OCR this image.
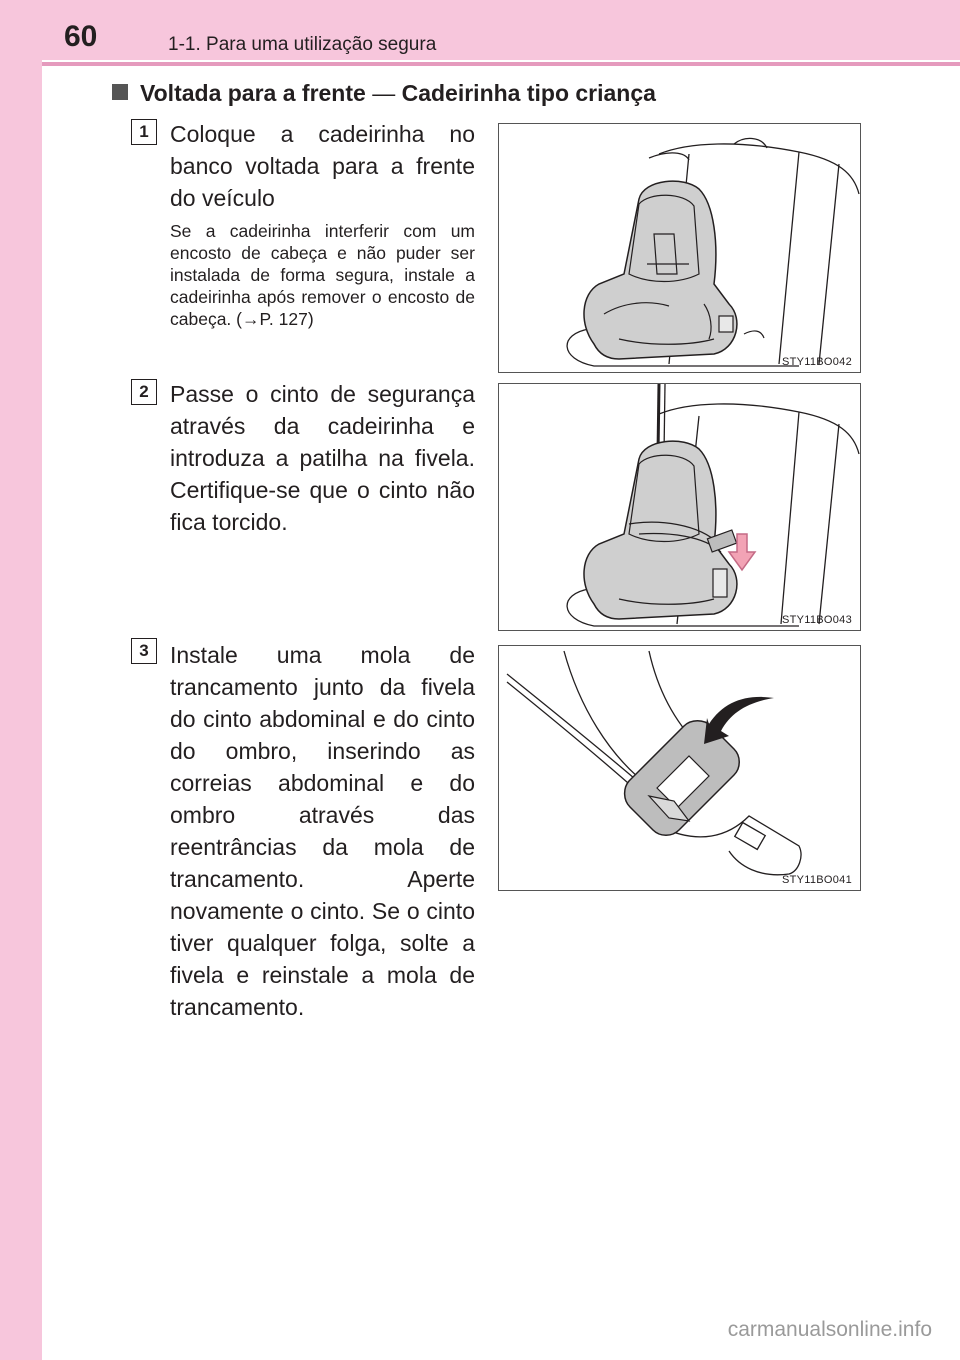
60	1-1. Para uma utilização segura
Voltada para a frente — Cadeirinha tipo criança
1 Coloque a cadeirinha no banco voltada para a frente do veículo
Se a cadeirinha interferir com um encosto de cabeça e não puder ser instalada de forma segura, instale a cadeirinha após remover o encosto de cabeça. (→P. 127)
STY11BO042
2 Passe o cinto de segurança através da cadeirinha e introduza a patilha na fivela. Certifique-se que o cinto não fica torcido.
STY11BO043
3 Instale uma mola de trancamento junto da fivela do cinto abdominal e do cinto do ombro, inserindo as correias abdominal e do ombro através das reentrâncias da mola de trancamento. Aperte novamente o cinto. Se o cinto tiver qualquer folga, solte a fivela e reinstale a mola de trancamento.
STY11BO041
carmanualsonline.info
